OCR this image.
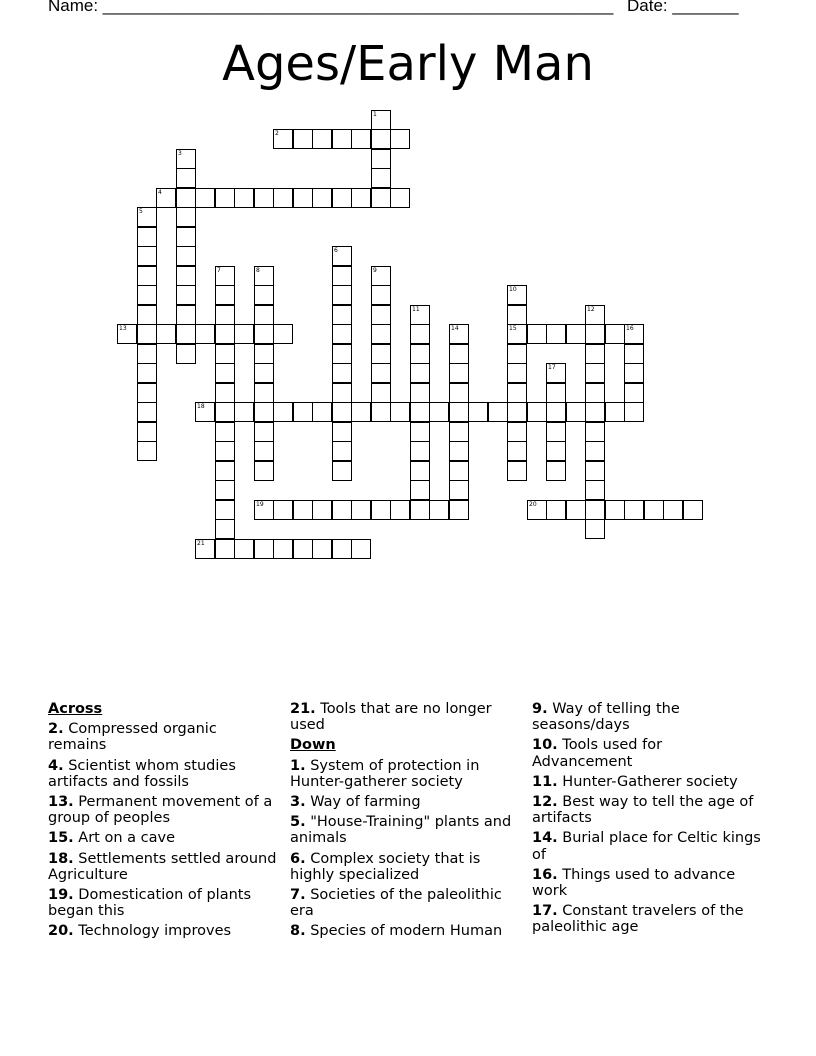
Name: ______________________________________________________ Date: _______
Ages/Early Man
1
2
3
4
5
6
7	8	9
10
11	12
13	14	15	16
17
18
19	20
21
Across
2. Compressed organic remains
4. Scientist whom studies artifacts and fossils
13. Permanent movement of a group of peoples
15. Art on a cave
18. Settlements settled around Agriculture
19. Domestication of plants began this
20. Technology improves
21. Tools that are no longer used
Down
1. System of protection in Hunter-gatherer society
3. Way of farming
5. "House-Training" plants and animals
6. Complex society that is highly specialized
7. Societies of the paleolithic era
8. Species of modern Human
9. Way of telling the seasons/days
10. Tools used for Advancement
11. Hunter-Gatherer society
12. Best way to tell the age of artifacts
14. Burial place for Celtic kings of
16. Things used to advance work
17. Constant travelers of the paleolithic age
